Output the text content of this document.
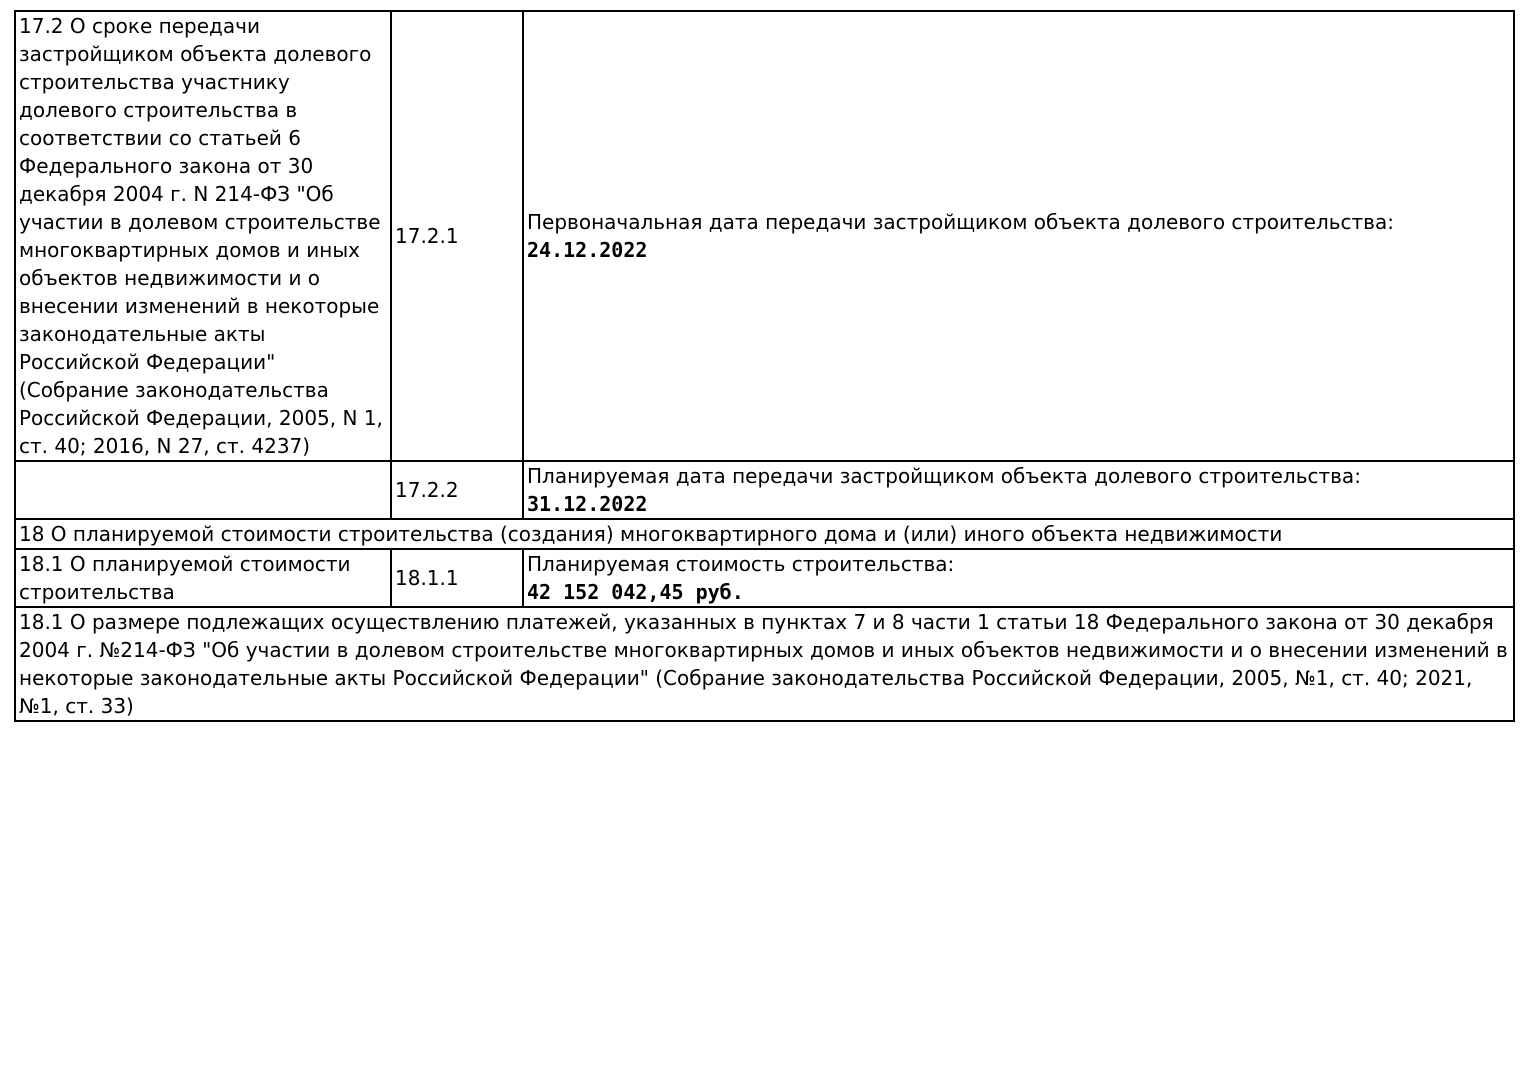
17.2 О сроке передачи застройщиком объекта долевого строительства участнику долевого строительства в соответствии со статьей 6 Федерального закона от 30 декабря 2004 г. N 214-ФЗ "Об участии в долевом строительстве многоквартирных домов и иных объектов недвижимости и о внесении изменений в некоторые законодательные акты Российской Федерации" (Собрание законодательства Российской Федерации, 2005, N 1, ст. 40; 2016, N 27, ст. 4237)	17.2.1	Первоначальная дата передачи застройщиком объекта долевого строительства:
24.12.2022

	17.2.2	Планируемая дата передачи застройщиком объекта долевого строительства:
31.12.2022

18 О планируемой стоимости строительства (создания) многоквартирного дома и (или) иного объекта недвижимости		
18.1 О планируемой стоимости строительства	18.1.1	Планируемая стоимость строительства:
42 152 042,45 руб.

18.1 О размере подлежащих осуществлению платежей, указанных в пунктах 7 и 8 части 1 статьи 18 Федерального закона от 30 декабря 2004 г. №214-ФЗ "Об участии в долевом строительстве многоквартирных домов и иных объектов недвижимости и о внесении изменений в некоторые законодательные акты Российской Федерации" (Собрание законодательства Российской Федерации, 2005, №1, ст. 40; 2021, №1, ст. 33)		
